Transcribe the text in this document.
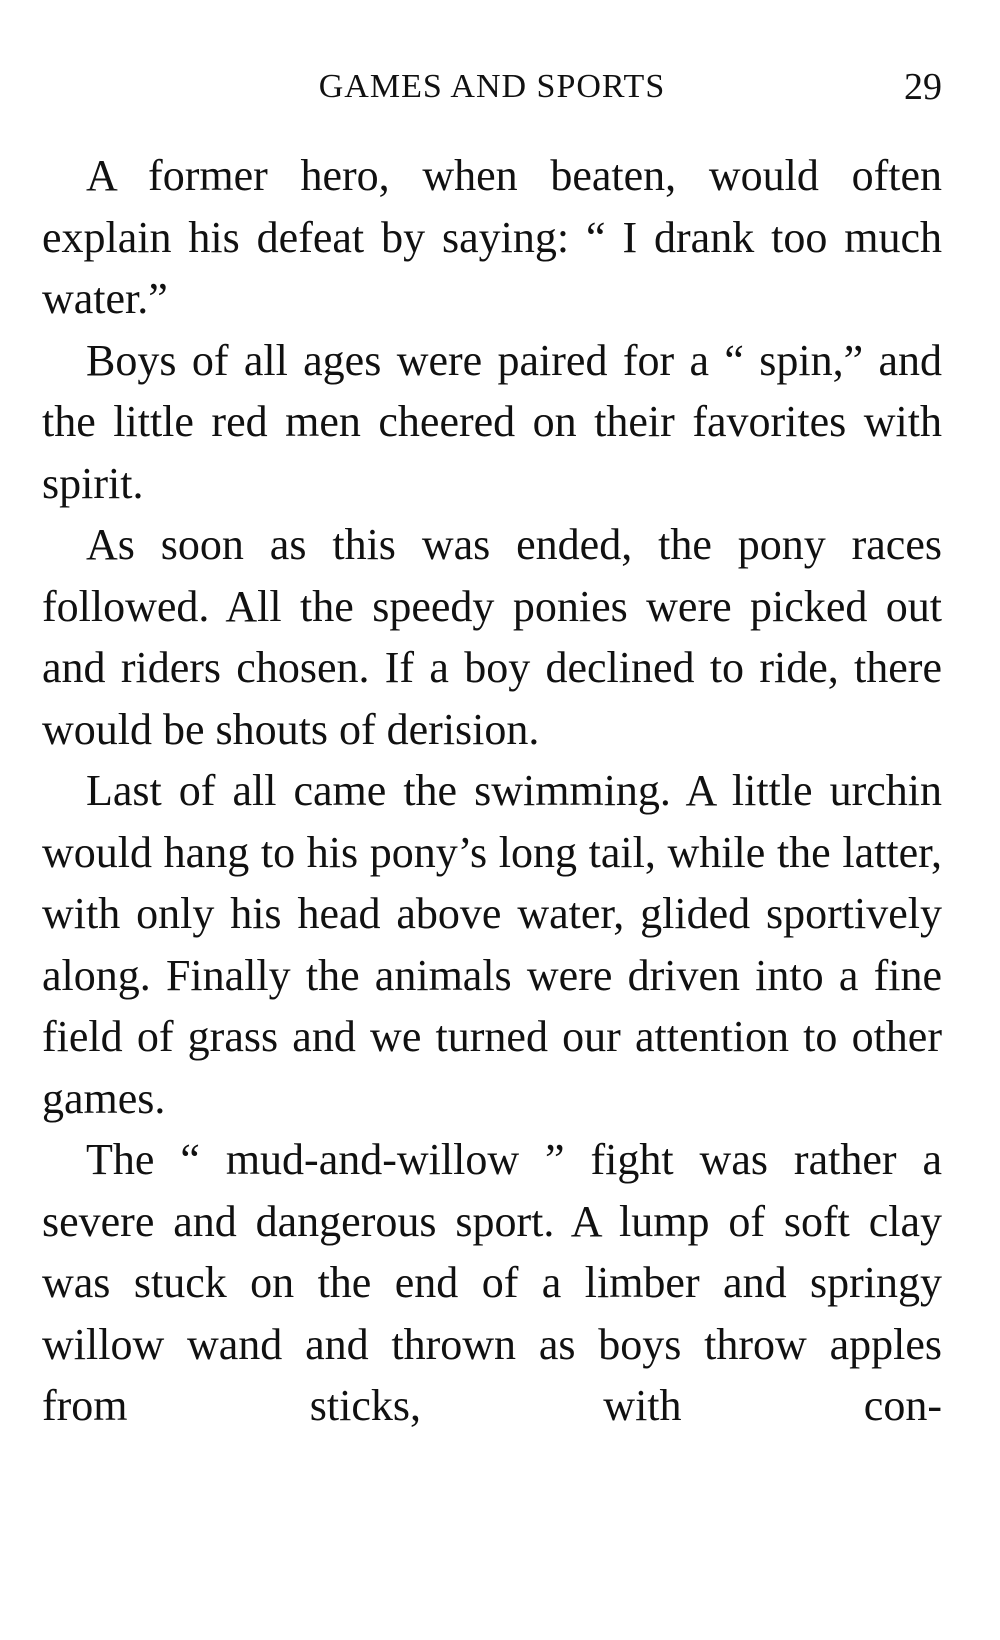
GAMES AND SPORTS	29

A former hero, when beaten, would often explain his defeat by saying: “ I drank too much water.”

Boys of all ages were paired for a “ spin,” and the little red men cheered on their favorites with spirit.

As soon as this was ended, the pony races followed. All the speedy ponies were picked out and riders chosen. If a boy declined to ride, there would be shouts of derision.

Last of all came the swimming. A little urchin would hang to his pony’s long tail, while the latter, with only his head above water, glided sportively along. Finally the animals were driven into a fine field of grass and we turned our attention to other games.

The “ mud-and-willow ” fight was rather a severe and dangerous sport. A lump of soft clay was stuck on the end of a limber and springy willow wand and thrown as boys throw apples from sticks, with con-
